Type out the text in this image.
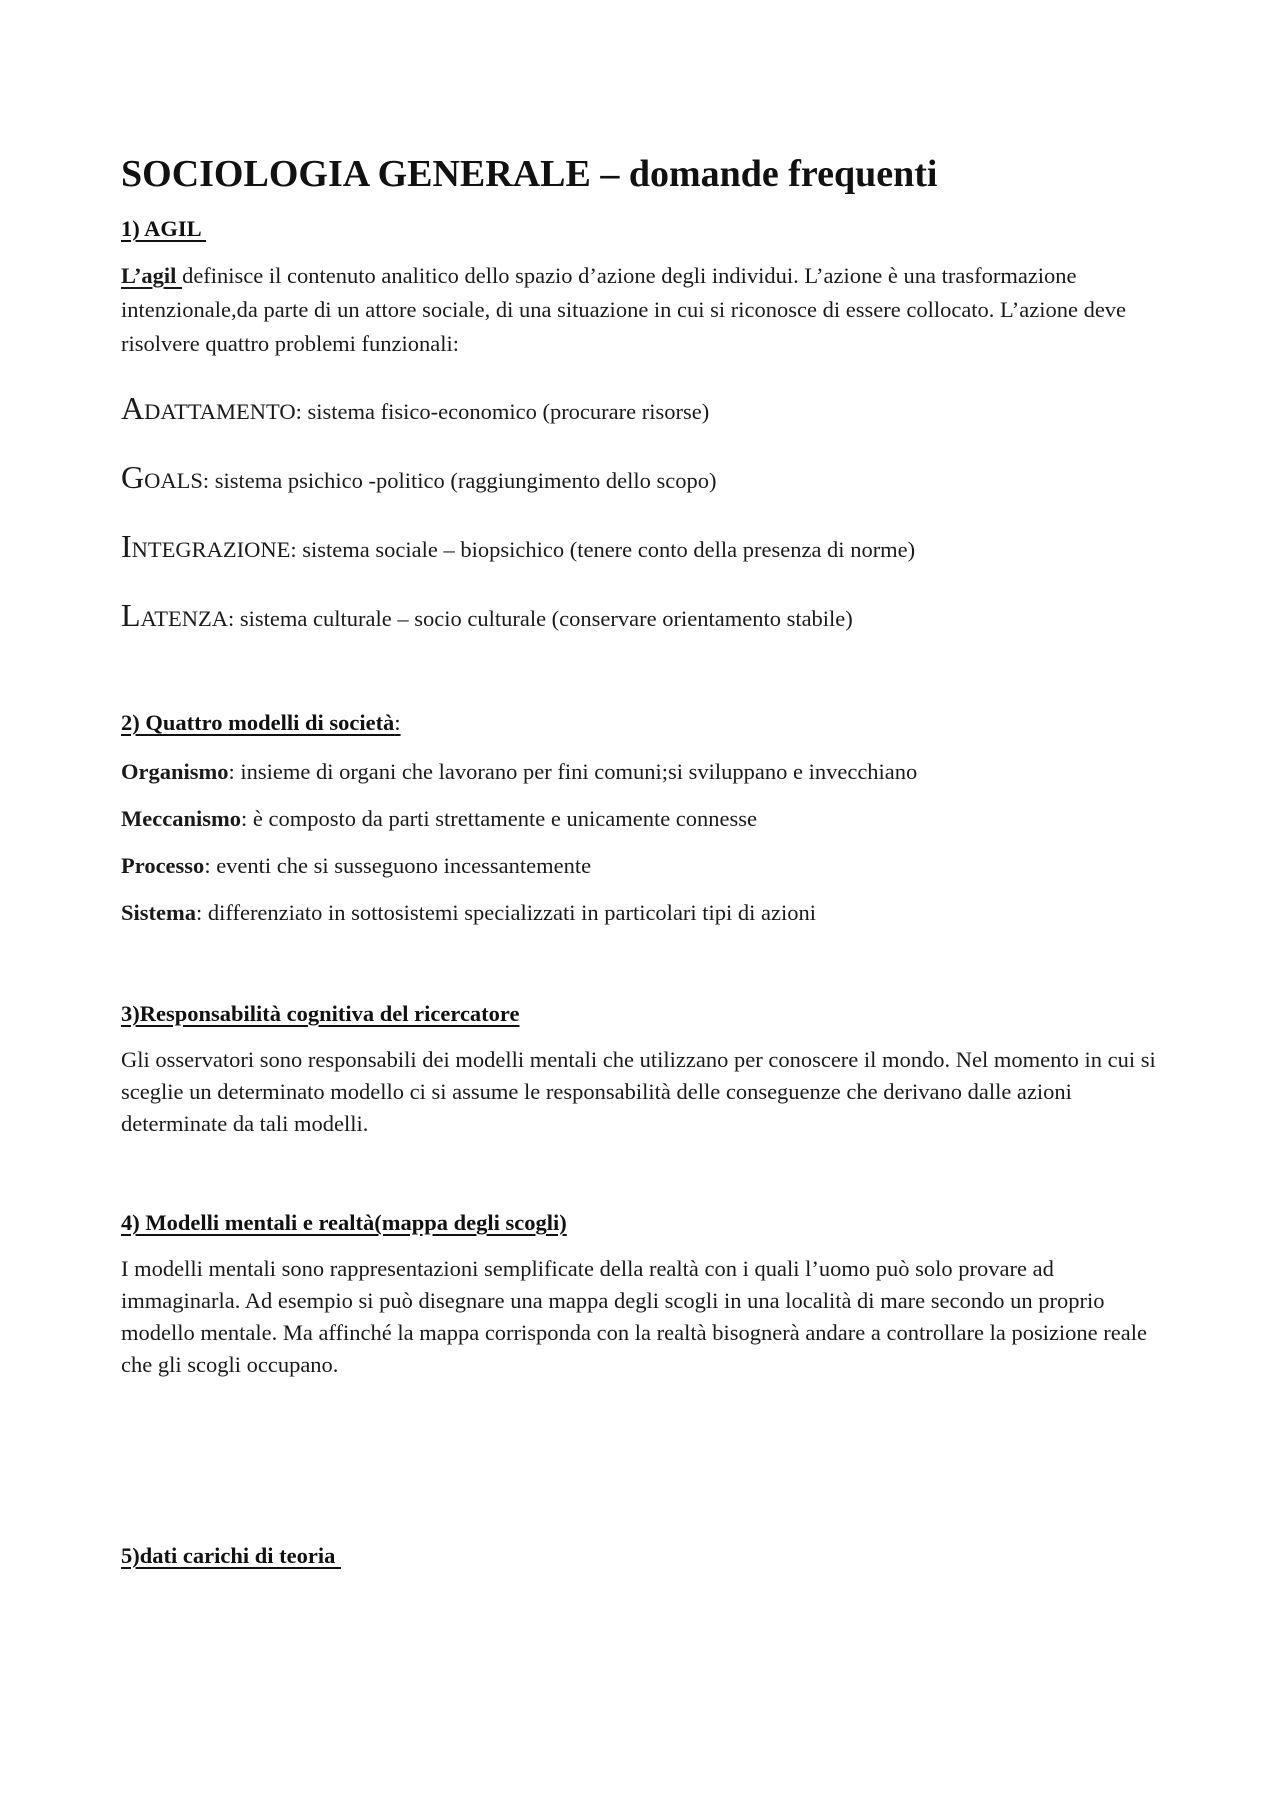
SOCIOLOGIA GENERALE – domande frequenti

1) AGIL

L’agil definisce il contenuto analitico dello spazio d’azione degli individui. L’azione è una trasformazione intenzionale,da parte di un attore sociale, di una situazione in cui si riconosce di essere collocato. L’azione deve risolvere quattro problemi funzionali:

ADATTAMENTO: sistema fisico-economico (procurare risorse)

GOALS: sistema psichico -politico (raggiungimento dello scopo)

INTEGRAZIONE: sistema sociale – biopsichico (tenere conto della presenza di norme)

LATENZA: sistema culturale – socio culturale (conservare orientamento stabile)

2) Quattro modelli di società:

Organismo: insieme di organi che lavorano per fini comuni;si sviluppano e invecchiano

Meccanismo: è composto da parti strettamente e unicamente connesse

Processo: eventi che si susseguono incessantemente

Sistema: differenziato in sottosistemi specializzati in particolari tipi di azioni

3)Responsabilità cognitiva del ricercatore

Gli osservatori sono responsabili dei modelli mentali che utilizzano per conoscere il mondo. Nel momento in cui si sceglie un determinato modello ci si assume le responsabilità delle conseguenze che derivano dalle azioni determinate da tali modelli.

4) Modelli mentali e realtà(mappa degli scogli)

I modelli mentali sono rappresentazioni semplificate della realtà con i quali l’uomo può solo provare ad immaginarla. Ad esempio si può disegnare una mappa degli scogli in una località di mare secondo un proprio modello mentale. Ma affinché la mappa corrisponda con la realtà bisognerà andare a controllare la posizione reale che gli scogli occupano.

5)dati carichi di teoria
